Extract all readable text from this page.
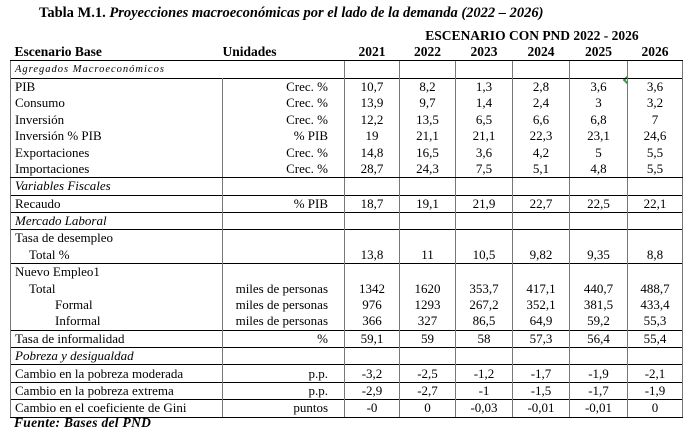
Tabla M.1. Proyecciones macroeconómicas por el lado de la demanda (2022 – 2026)
ESCENARIO CON PND 2022 - 2026
Escenario Base	Unidades	2021	2022	2023	2024	2025	2026
Agregados Macroeconómicos							
PIB	Crec. %	10,7	8,2	1,3	2,8	3,6	3,6
Consumo	Crec. %	13,9	9,7	1,4	2,4	3	3,2
Inversión	Crec. %	12,2	13,5	6,5	6,6	6,8	7
Inversión % PIB	% PIB	19	21,1	21,1	22,3	23,1	24,6
Exportaciones	Crec. %	14,8	16,5	3,6	4,2	5	5,5
Importaciones	Crec. %	28,7	24,3	7,5	5,1	4,8	5,5
Variables Fiscales							
Recaudo	% PIB	18,7	19,1	21,9	22,7	22,5	22,1
Mercado Laboral							
Tasa de desempleo							
Total %		13,8	11	10,5	9,82	9,35	8,8
Nuevo Empleo1							
Total	miles de personas	1342	1620	353,7	417,1	440,7	488,7
Formal	miles de personas	976	1293	267,2	352,1	381,5	433,4
Informal	miles de personas	366	327	86,5	64,9	59,2	55,3
Tasa de informalidad	%	59,1	59	58	57,3	56,4	55,4
Pobreza y desigualdad							
Cambio en la pobreza moderada	p.p.	-3,2	-2,5	-1,2	-1,7	-1,9	-2,1
Cambio en la pobreza extrema	p.p.	-2,9	-2,7	-1	-1,5	-1,7	-1,9
Cambio en el coeficiente de Gini	puntos	-0	0	-0,03	-0,01	-0,01	0
Fuente: Bases del PND
